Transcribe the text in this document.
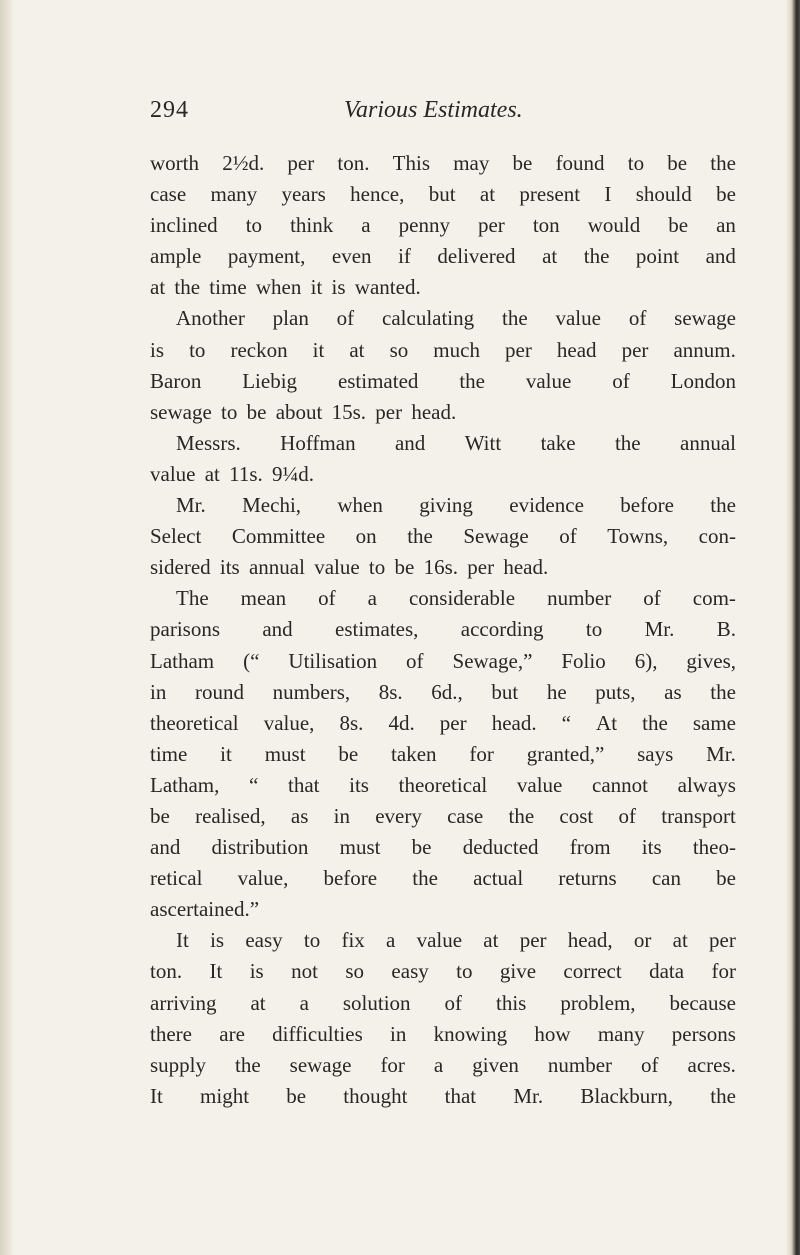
294	Various Estimates.
worth 2½d. per ton. This may be found to be the
case many years hence, but at present I should be
inclined to think a penny per ton would be an
ample payment, even if delivered at the point and
at the time when it is wanted.
Another plan of calculating the value of sewage
is to reckon it at so much per head per annum.
Baron Liebig estimated the value of London
sewage to be about 15s. per head.
Messrs. Hoffman and Witt take the annual
value at 11s. 9¼d.
Mr. Mechi, when giving evidence before the
Select Committee on the Sewage of Towns, con-
sidered its annual value to be 16s. per head.
The mean of a considerable number of com-
parisons and estimates, according to Mr. B.
Latham (“ Utilisation of Sewage,” Folio 6), gives,
in round numbers, 8s. 6d., but he puts, as the
theoretical value, 8s. 4d. per head. “ At the same
time it must be taken for granted,” says Mr.
Latham, “ that its theoretical value cannot always
be realised, as in every case the cost of transport
and distribution must be deducted from its theo-
retical value, before the actual returns can be
ascertained.”
It is easy to fix a value at per head, or at per
ton. It is not so easy to give correct data for
arriving at a solution of this problem, because
there are difficulties in knowing how many persons
supply the sewage for a given number of acres.
It might be thought that Mr. Blackburn, the
